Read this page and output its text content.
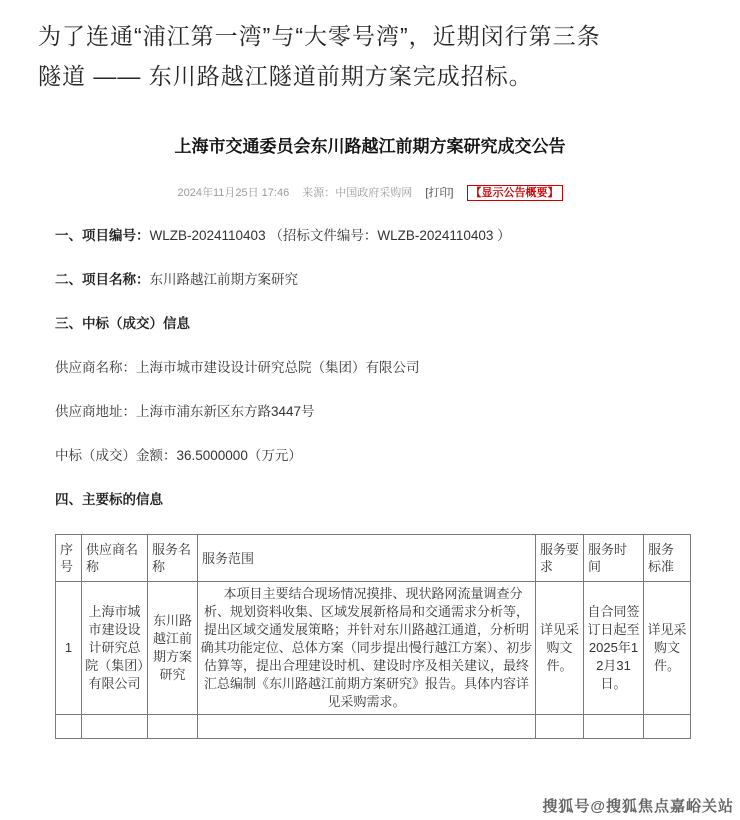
为了连通“浦江第一湾”与“大零号湾”，近期闵行第三条
隧道 —— 东川路越江隧道前期方案完成招标。
上海市交通委员会东川路越江前期方案研究成交公告
2024年11月25日 17:46 来源：中国政府采购网 [打印] 【显示公告概要】
一、项目编号：WLZB-2024110403 （招标文件编号：WLZB-2024110403 ）
二、项目名称：东川路越江前期方案研究
三、中标（成交）信息
供应商名称：上海市城市建设设计研究总院（集团）有限公司
供应商地址：上海市浦东新区东方路3447号
中标（成交）金额：36.5000000（万元）
四、主要标的信息
序号	供应商名称	服务名称	服务范围	服务要求	服务时间	服务标准
1	上海市城市建设设计研究总院（集团）有限公司	东川路越江前期方案研究	本项目主要结合现场情况摸排、现状路网流量调查分析、规划资料收集、区域发展新格局和交通需求分析等，提出区域交通发展策略；并针对东川路越江通道，分析明确其功能定位、总体方案（同步提出慢行越江方案）、初步估算等，提出合理建设时机、建设时序及相关建议，最终汇总编制《东川路越江前期方案研究》报告。具体内容详见采购需求。	详见采购文件。	自合同签订日起至2025年12月31日。	详见采购文件。

搜狐号@搜狐焦点嘉峪关站
